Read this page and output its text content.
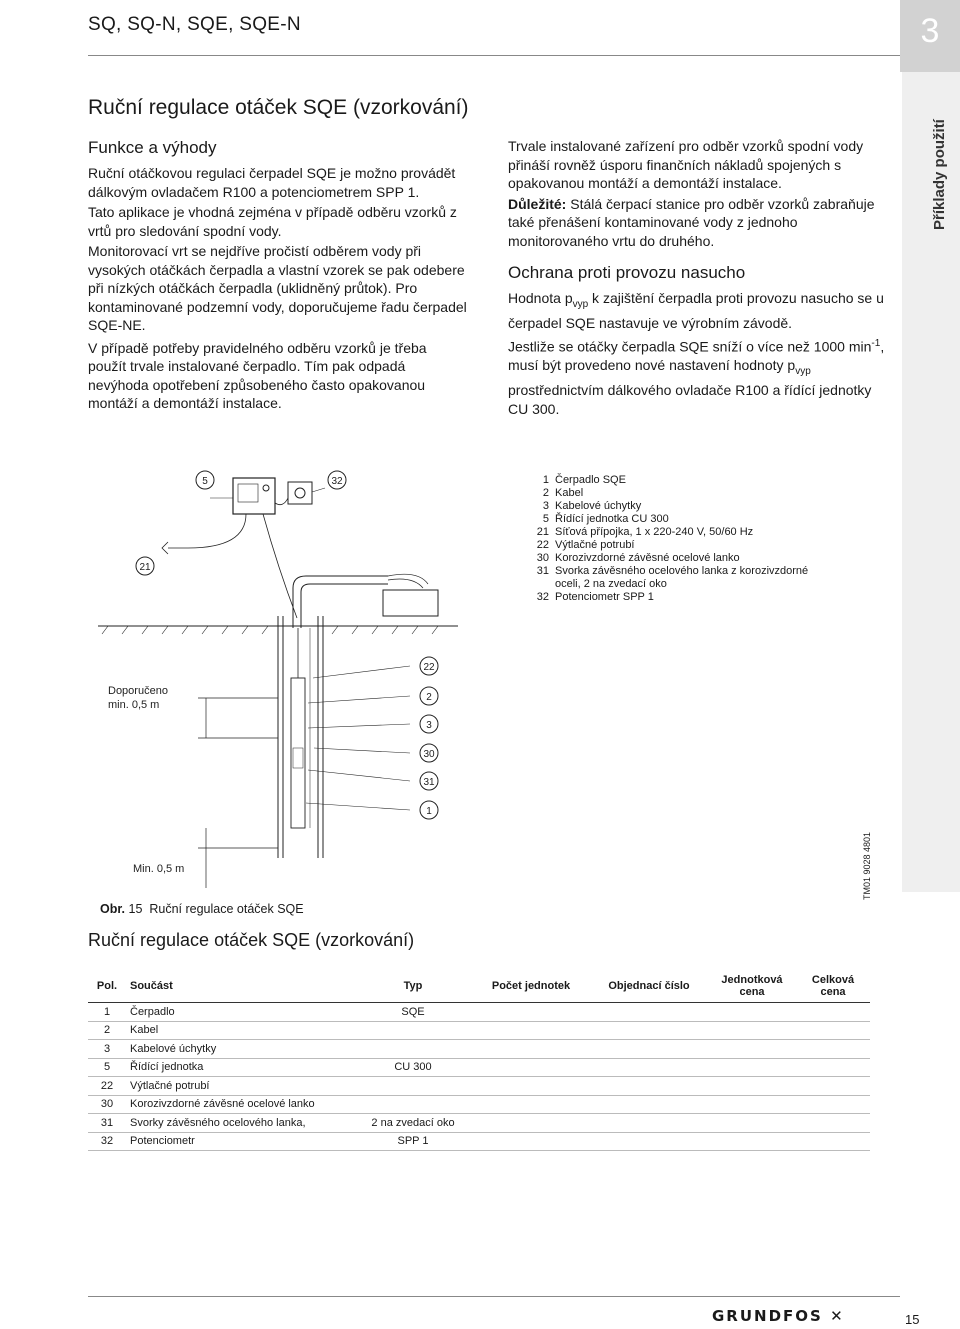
SQ, SQ-N, SQE, SQE-N	3
Příklady použití
Ruční regulace otáček SQE (vzorkování)
Funkce a výhody

Ruční otáčkovou regulaci čerpadel SQE je možno provádět dálkovým ovladačem R100 a potenciometrem SPP 1.

Tato aplikace je vhodná zejména v případě odběru vzorků z vrtů pro sledování spodní vody.

Monitorovací vrt se nejdříve pročistí odběrem vody při vysokých otáčkách čerpadla a vlastní vzorek se pak odebere při nízkých otáčkách čerpadla (uklidněný průtok). Pro kontaminované podzemní vody, doporučujeme řadu čerpadel SQE-NE.

V případě potřeby pravidelného odběru vzorků je třeba použít trvale instalované čerpadlo. Tím pak odpadá nevýhoda opotřebení způsobeného často opakovanou montáží a demontáží instalace.

Trvale instalované zařízení pro odběr vzorků spodní vody přináší rovněž úsporu finančních nákladů spojených s opakovanou montáží a demontáží instalace.

Důležité: Stálá čerpací stanice pro odběr vzorků zabraňuje také přenášení kontaminované vody z jednoho monitorovaného vrtu do druhého.

Ochrana proti provozu nasucho

Hodnota $p_{vyp}$ k zajištění čerpadla proti provozu nasucho se u čerpadel SQE nastavuje ve výrobním závodě.

Jestliže se otáčky čerpadla SQE sníží o více než 1000 $\min^{-1}$, musí být provedeno nové nastavení hodnoty $p_{vyp}$ prostřednictvím dálkového ovladače R100 a řídící jednotky CU 300.

5	32
21
22
2
3
30
31
1
Doporučeno
min. 0,5 m
Min. 0,5 m
1 Čerpadlo SQE
2 Kabel
3 Kabelové úchytky
5 Řídící jednotka CU 300
21 Síťová přípojka, 1 x 220-240 V, 50/60 Hz
22 Výtlačné potrubí
30 Korozivzdorné závěsné ocelové lanko
31 Svorka závěsného ocelového lanka z korozivzdorné
oceli, 2 na zvedací oko
32 Potenciometr SPP 1
TM01 9028 4801
Obr. 15 Ruční regulace otáček SQE
Ruční regulace otáček SQE (vzorkování)
Pol.	Součást	Typ	Počet jednotek	Objednací číslo	Jednotková
cena	Celková cena
1	Čerpadlo	SQE				
2	Kabel					
3	Kabelové úchytky					
5	Řídící jednotka	CU 300				
22	Výtlačné potrubí					
30	Korozivzdorné závěsné ocelové lanko					
31	Svorky závěsného ocelového lanka,	2 na zvedací oko				
32	Potenciometr	SPP 1				
GRUNDFOS ✕	15
